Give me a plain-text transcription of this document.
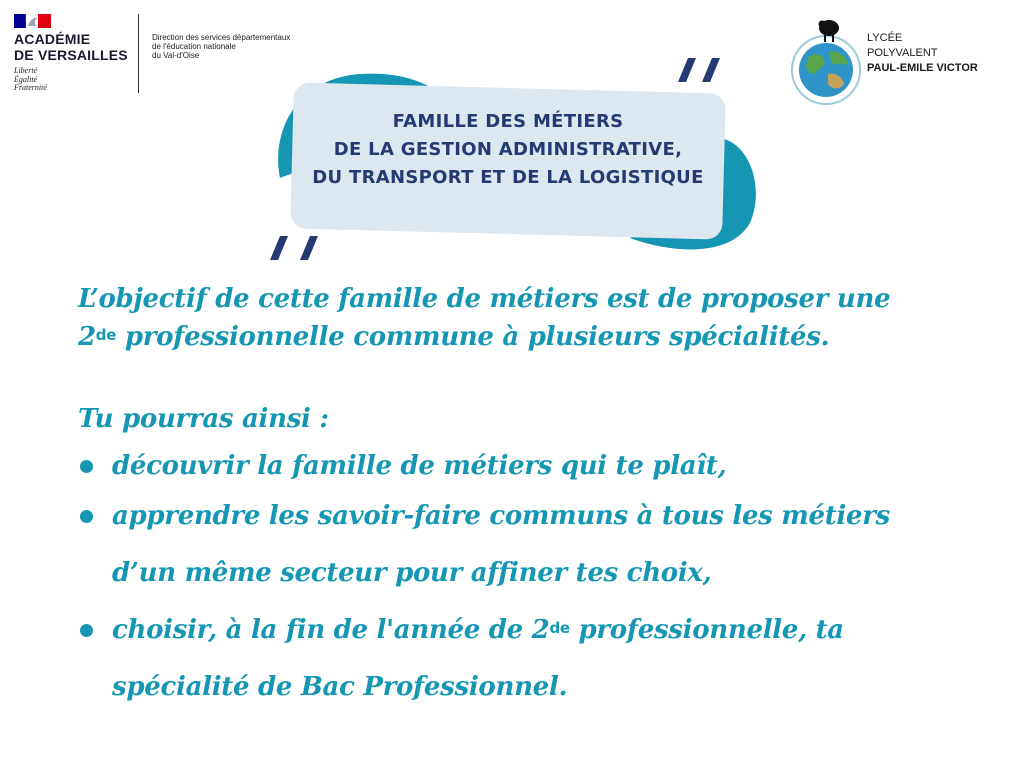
ACADÉMIE
DE VERSAILLES
Liberté
Égalité
Fraternité
Direction des services départementaux
de l'éducation nationale
du Val-d'Oise
LYCÉE
POLYVALENT
PAUL-EMILE VICTOR
FAMILLE DES MÉTIERS
DE LA GESTION ADMINISTRATIVE,
DU TRANSPORT ET DE LA LOGISTIQUE
L’objectif de cette famille de métiers est de proposer une
2de professionnelle commune à plusieurs spécialités.
Tu pourras ainsi :
découvrir la famille de métiers qui te plaît,
apprendre les savoir-faire communs à tous les métiers
d’un même secteur pour affiner tes choix,
choisir, à la fin de l'année de 2de professionnelle, ta
spécialité de Bac Professionnel.
